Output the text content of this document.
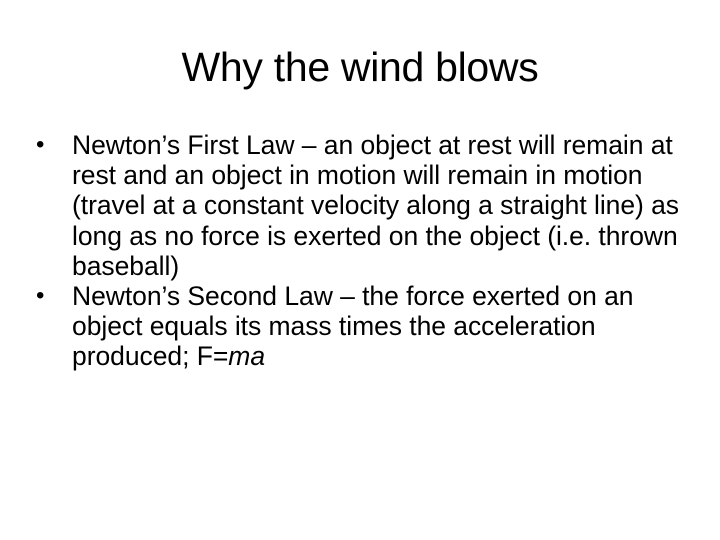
Why the wind blows
• Newton’s First Law – an object at rest will remain at rest and an object in motion will remain in motion (travel at a constant velocity along a straight line) as long as no force is exerted on the object (i.e. thrown baseball)
• Newton’s Second Law – the force exerted on an object equals its mass times the acceleration produced; F=ma
